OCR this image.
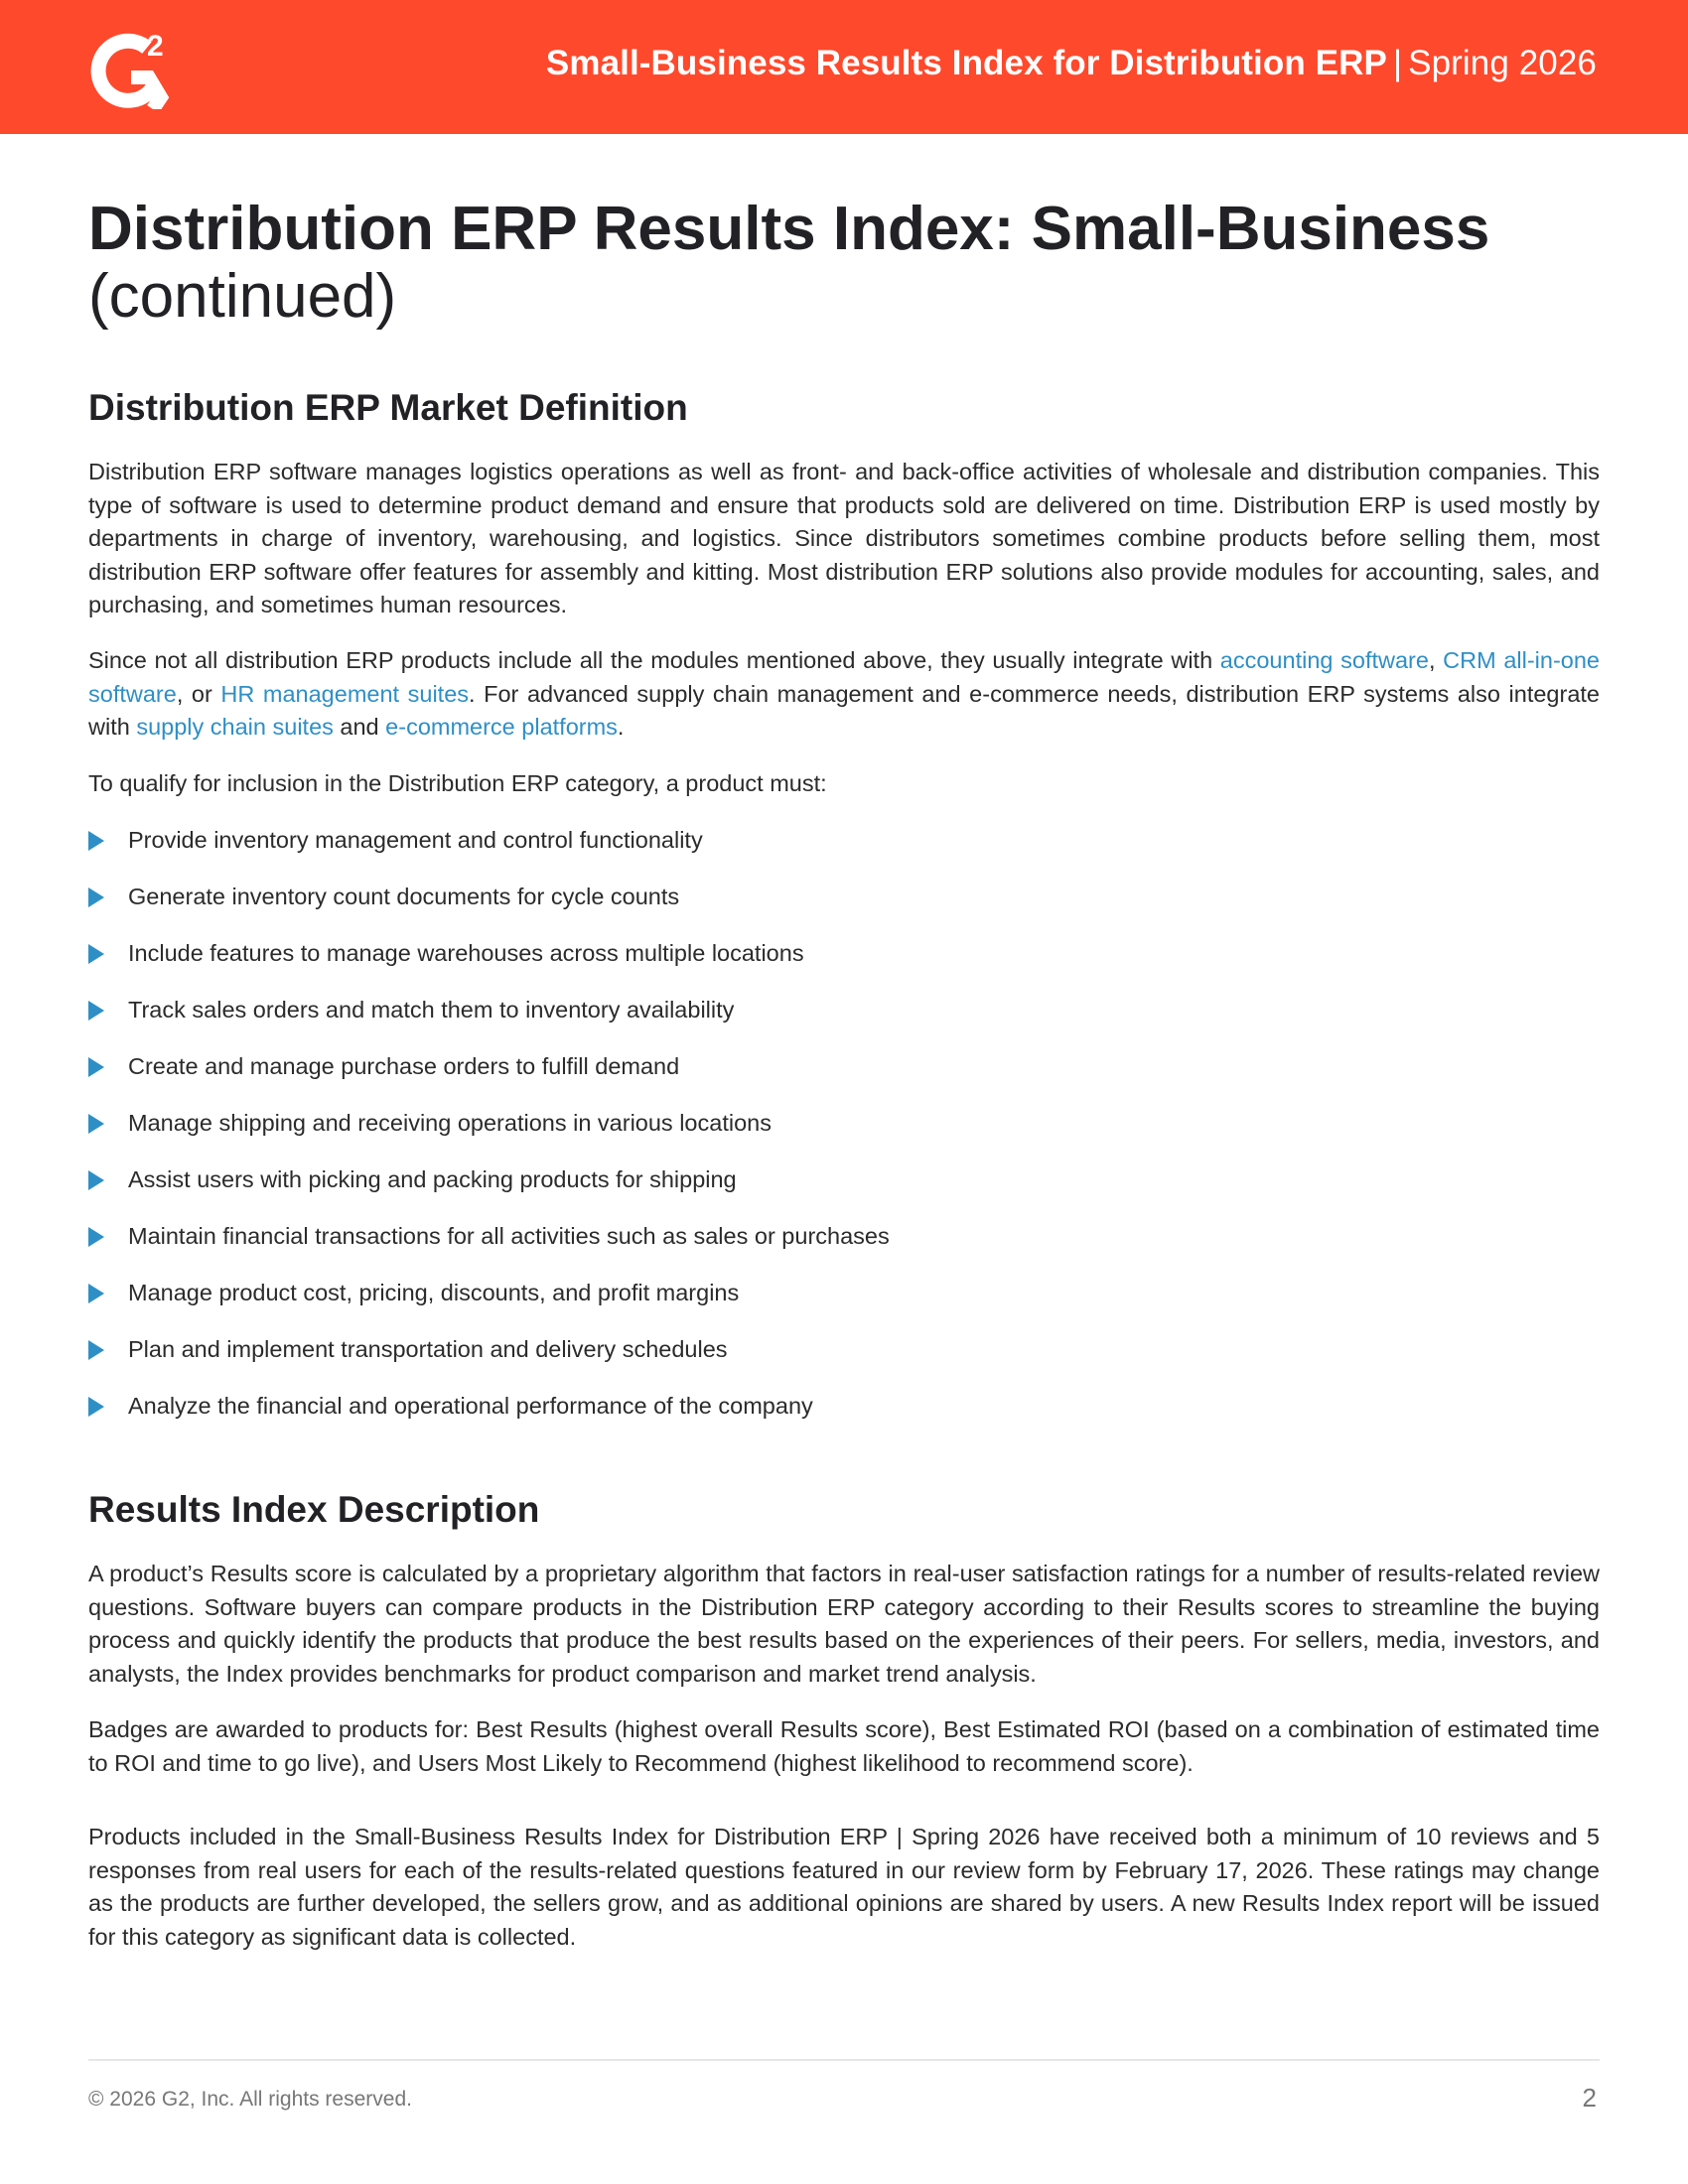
2	Small-Business Results Index for Distribution ERP | Spring 2026
Distribution ERP Results Index: Small-Business
(continued)
Distribution ERP Market Definition
Distribution ERP software manages logistics operations as well as front- and back-office activities of wholesale and distribution companies. This type of software is used to determine product demand and ensure that products sold are delivered on time. Distribution ERP is used mostly by departments in charge of inventory, warehousing, and logistics. Since distributors sometimes combine products before selling them, most distribution ERP software offer features for assembly and kitting. Most distribution ERP solutions also provide modules for accounting, sales, and purchasing, and sometimes human resources.
Since not all distribution ERP products include all the modules mentioned above, they usually integrate with accounting software, CRM all-in-one software, or HR management suites. For advanced supply chain management and e-commerce needs, distribution ERP systems also integrate with supply chain suites and e-commerce platforms.
To qualify for inclusion in the Distribution ERP category, a product must:
Provide inventory management and control functionality
Generate inventory count documents for cycle counts
Include features to manage warehouses across multiple locations
Track sales orders and match them to inventory availability
Create and manage purchase orders to fulfill demand
Manage shipping and receiving operations in various locations
Assist users with picking and packing products for shipping
Maintain financial transactions for all activities such as sales or purchases
Manage product cost, pricing, discounts, and profit margins
Plan and implement transportation and delivery schedules
Analyze the financial and operational performance of the company
Results Index Description
A product’s Results score is calculated by a proprietary algorithm that factors in real-user satisfaction ratings for a number of results-related review questions. Software buyers can compare products in the Distribution ERP category according to their Results scores to streamline the buying process and quickly identify the products that produce the best results based on the experiences of their peers. For sellers, media, investors, and analysts, the Index provides benchmarks for product comparison and market trend analysis.
Badges are awarded to products for: Best Results (highest overall Results score), Best Estimated ROI (based on a combination of estimated time to ROI and time to go live), and Users Most Likely to Recommend (highest likelihood to recommend score).
Products included in the Small-Business Results Index for Distribution ERP | Spring 2026 have received both a minimum of 10 reviews and 5 responses from real users for each of the results-related questions featured in our review form by February 17, 2026. These ratings may change as the products are further developed, the sellers grow, and as additional opinions are shared by users. A new Results Index report will be issued for this category as significant data is collected.
© 2026 G2, Inc. All rights reserved.	2
